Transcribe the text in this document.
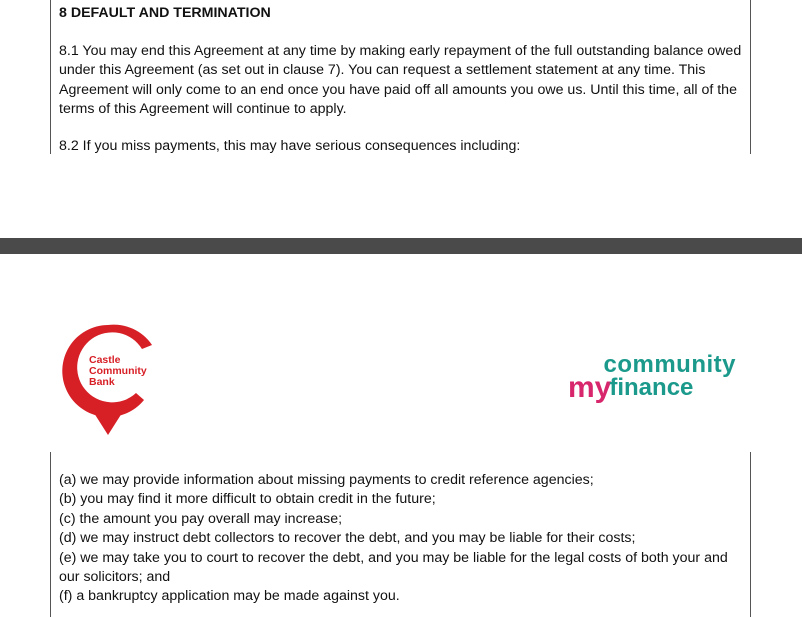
8 DEFAULT AND TERMINATION
8.1 You may end this Agreement at any time by making early repayment of the full outstanding balance owed
under this Agreement (as set out in clause 7). You can request a settlement statement at any time. This
Agreement will only come to an end once you have paid off all amounts you owe us. Until this time, all of the
terms of this Agreement will continue to apply.
8.2 If you miss payments, this may have serious consequences including:
Castle
Community
Bank
community
myfinance
(a) we may provide information about missing payments to credit reference agencies;
(b) you may find it more difficult to obtain credit in the future;
(c) the amount you pay overall may increase;
(d) we may instruct debt collectors to recover the debt, and you may be liable for their costs;
(e) we may take you to court to recover the debt, and you may be liable for the legal costs of both your and
our solicitors; and
(f) a bankruptcy application may be made against you.
